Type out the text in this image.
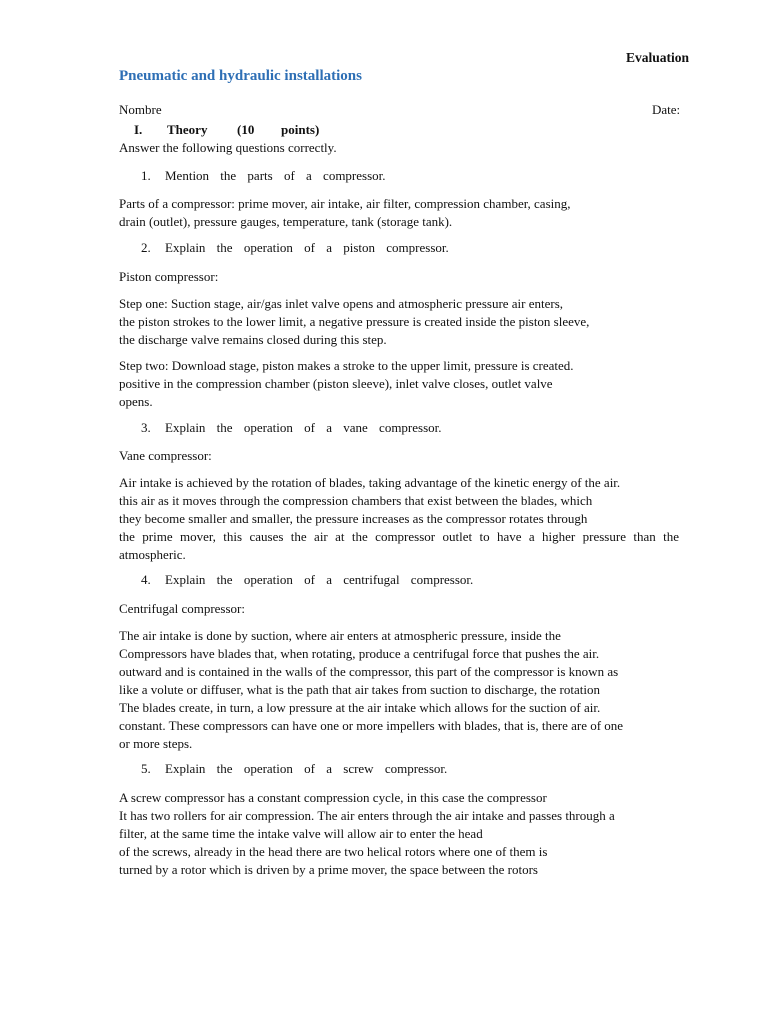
Evaluation
Pneumatic and hydraulic installations
Nombre	Date:
I. Theory (10 points)
Answer the following questions correctly.
1. Mention the parts of a compressor.
Parts of a compressor: prime mover, air intake, air filter, compression chamber, casing,
drain (outlet), pressure gauges, temperature, tank (storage tank).
2. Explain the operation of a piston compressor.
Piston compressor:
Step one: Suction stage, air/gas inlet valve opens and atmospheric pressure air enters,
the piston strokes to the lower limit, a negative pressure is created inside the piston sleeve,
the discharge valve remains closed during this step.
Step two: Download stage, piston makes a stroke to the upper limit, pressure is created.
positive in the compression chamber (piston sleeve), inlet valve closes, outlet valve
opens.
3. Explain the operation of a vane compressor.
Vane compressor:
Air intake is achieved by the rotation of blades, taking advantage of the kinetic energy of the air.
this air as it moves through the compression chambers that exist between the blades, which
they become smaller and smaller, the pressure increases as the compressor rotates through
the prime mover, this causes the air at the compressor outlet to have a higher pressure than the
atmospheric.
4. Explain the operation of a centrifugal compressor.
Centrifugal compressor:
The air intake is done by suction, where air enters at atmospheric pressure, inside the
Compressors have blades that, when rotating, produce a centrifugal force that pushes the air.
outward and is contained in the walls of the compressor, this part of the compressor is known as
like a volute or diffuser, what is the path that air takes from suction to discharge, the rotation
The blades create, in turn, a low pressure at the air intake which allows for the suction of air.
constant. These compressors can have one or more impellers with blades, that is, there are of one
or more steps.
5. Explain the operation of a screw compressor.
A screw compressor has a constant compression cycle, in this case the compressor
It has two rollers for air compression. The air enters through the air intake and passes through a
filter, at the same time the intake valve will allow air to enter the head
of the screws, already in the head there are two helical rotors where one of them is
turned by a rotor which is driven by a prime mover, the space between the rotors
